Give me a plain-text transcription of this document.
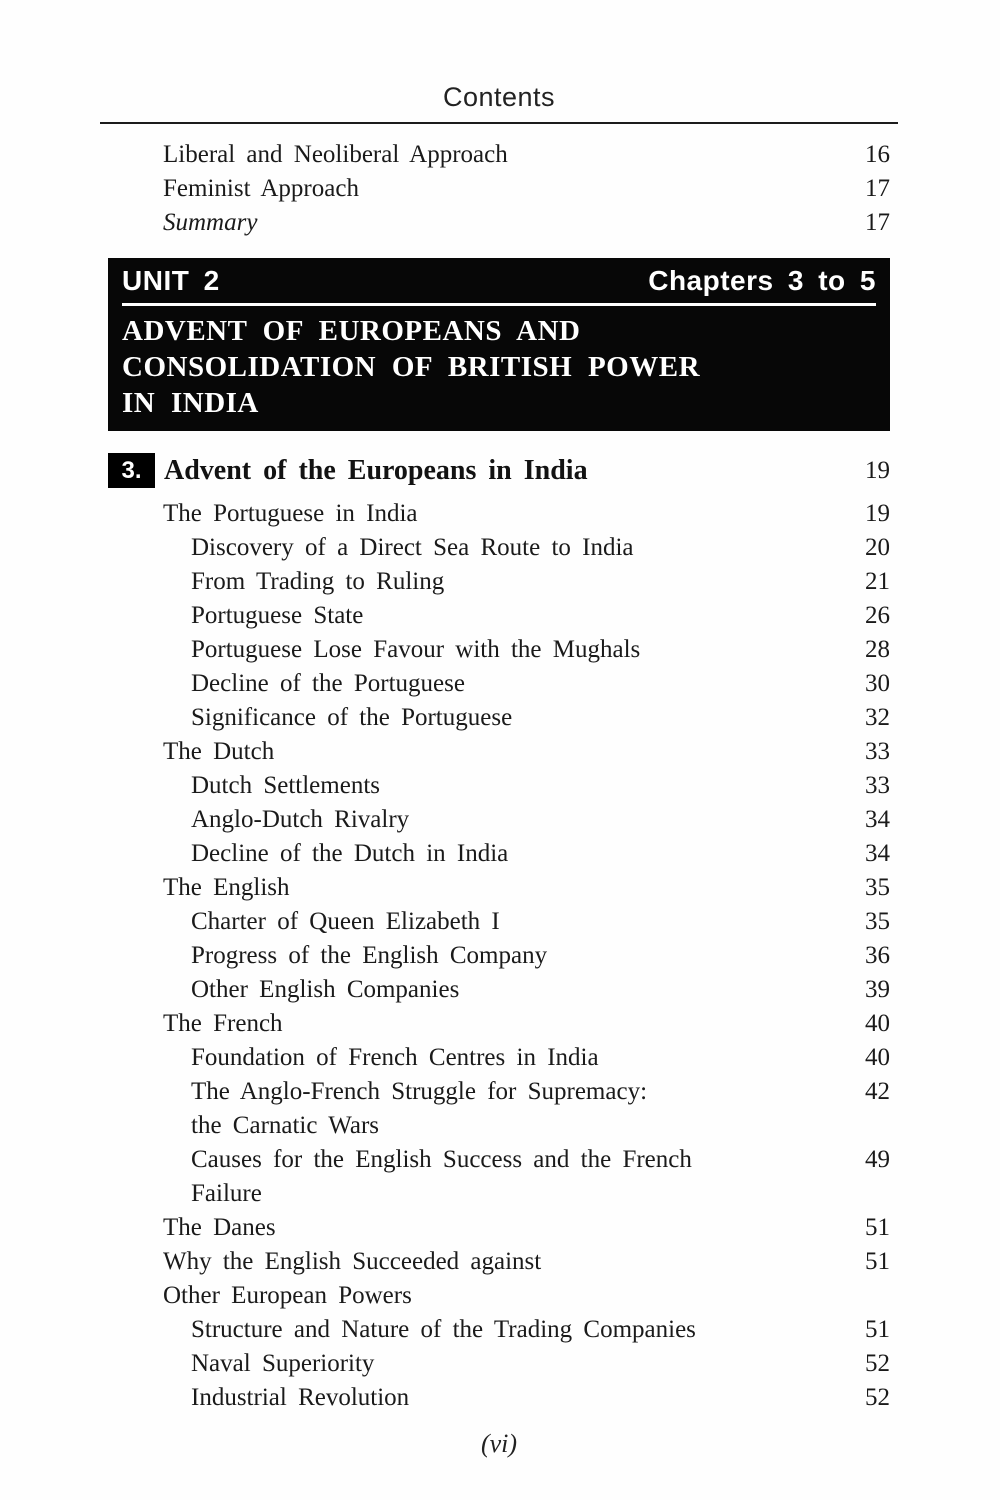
Contents
Liberal and Neoliberal Approach	16
Feminist Approach	17
Summary	17
UNIT 2	Chapters 3 to 5
ADVENT OF EUROPEANS AND
CONSOLIDATION OF BRITISH POWER
IN INDIA
3. Advent of the Europeans in India	19
The Portuguese in India	19
Discovery of a Direct Sea Route to India	20
From Trading to Ruling	21
Portuguese State	26
Portuguese Lose Favour with the Mughals	28
Decline of the Portuguese	30
Significance of the Portuguese	32
The Dutch	33
Dutch Settlements	33
Anglo-Dutch Rivalry	34
Decline of the Dutch in India	34
The English	35
Charter of Queen Elizabeth I	35
Progress of the English Company	36
Other English Companies	39
The French	40
Foundation of French Centres in India	40
The Anglo-French Struggle for Supremacy:	42
the Carnatic Wars
Causes for the English Success and the French	49
Failure
The Danes	51
Why the English Succeeded against	51
Other European Powers
Structure and Nature of the Trading Companies	51
Naval Superiority	52
Industrial Revolution	52
(vi)
